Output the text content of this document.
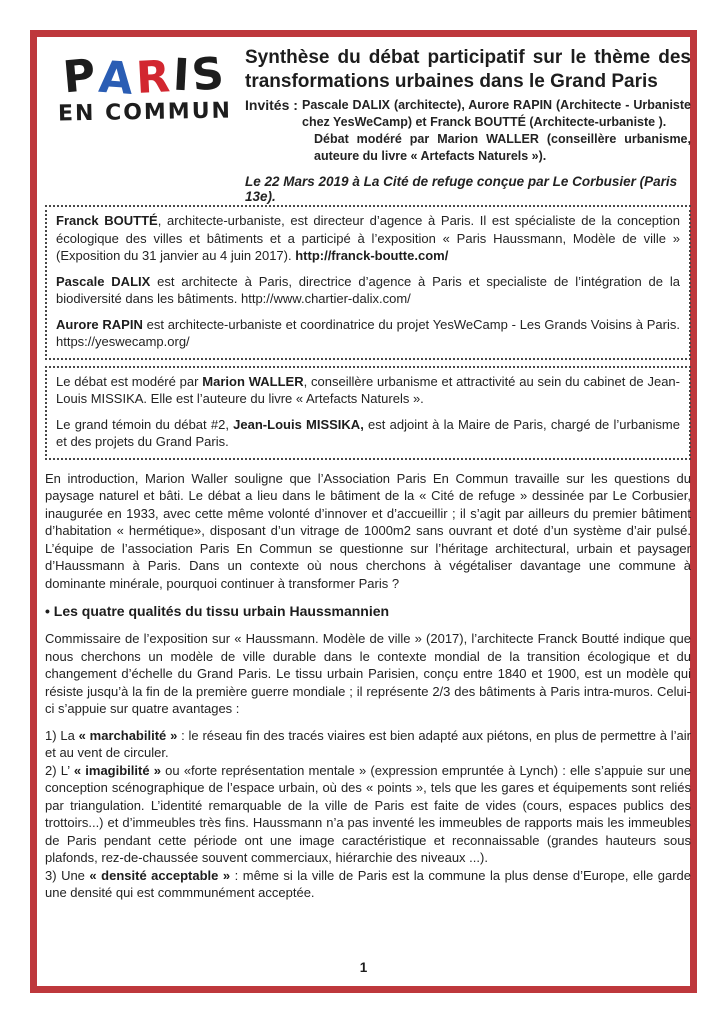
PARIS
EN COMMUN
Synthèse du débat participatif sur le thème des
transformations urbaines dans le Grand Paris
Invités : Pascale DALIX (architecte), Aurore RAPIN (Architecte - Urbaniste chez YesWeCamp) et Franck BOUTTÉ (Architecte-urbaniste ).
Débat modéré par Marion WALLER (conseillère urbanisme, auteure du livre « Artefacts Naturels »).
Le 22 Mars 2019 à La Cité de refuge conçue par Le Corbusier (Paris 13e).

Franck BOUTTÉ, architecte-urbaniste, est directeur d’agence à Paris. Il est spécialiste de la conception écologique des villes et bâtiments et a participé à l’exposition « Paris Haussmann, Modèle de ville » (Exposition du 31 janvier au 4 juin 2017). http://franck-boutte.com/

Pascale DALIX est architecte à Paris, directrice d’agence à Paris et specialiste de l’intégration de la biodiversité dans les bâtiments. http://www.chartier-dalix.com/

Aurore RAPIN est architecte-urbaniste et coordinatrice du projet YesWeCamp - Les Grands Voisins à Paris. https://yeswecamp.org/

Le débat est modéré par Marion WALLER, conseillère urbanisme et attractivité au sein du cabinet de Jean-Louis MISSIKA. Elle est l’auteure du livre « Artefacts Naturels ».

Le grand témoin du débat #2, Jean-Louis MISSIKA, est adjoint à la Maire de Paris, chargé de l’urbanisme et des projets du Grand Paris.

En introduction, Marion Waller souligne que l’Association Paris En Commun travaille sur les questions du paysage naturel et bâti. Le débat a lieu dans le bâtiment de la « Cité de refuge » dessinée par Le Corbusier, inaugurée en 1933, avec cette même volonté d’innover et d’accueillir ; il s’agit par ailleurs du premier bâtiment d’habitation « hermétique», disposant d’un vitrage de 1000m2 sans ouvrant et doté d’un système d’air pulsé. L’équipe de l’association Paris En Commun se questionne sur l’héritage architectural, urbain et paysager d’Haussmann à Paris. Dans un contexte où nous cherchons à végétaliser davantage une commune à dominante minérale, pourquoi continuer à transformer Paris ?

• Les quatre qualités du tissu urbain Haussmannien

Commissaire de l’exposition sur « Haussmann. Modèle de ville » (2017), l’architecte Franck Boutté indique que nous cherchons un modèle de ville durable dans le contexte mondial de la transition écologique et du changement d’échelle du Grand Paris. Le tissu urbain Parisien, conçu entre 1840 et 1900, est un modèle qui résiste jusqu’à la fin de la première guerre mondiale ; il représente 2/3 des bâtiments à Paris intra-muros. Celui-ci s’appuie sur quatre avantages :

1) La « marchabilité » : le réseau fin des tracés viaires est bien adapté aux piétons, en plus de permettre à l’air et au vent de circuler.

2) L’ « imagibilité » ou «forte représentation mentale » (expression empruntée à Lynch) : elle s’appuie sur une conception scénographique de l’espace urbain, où des « points », tels que les gares et équipements sont reliés par triangulation. L’identité remarquable de la ville de Paris est faite de vides (cours, espaces publics des trottoirs...) et d’immeubles très fins. Haussmann n’a pas inventé les immeubles de rapports mais les immeubles de Paris pendant cette période ont une image caractéristique et reconnaissable (grandes hauteurs sous plafonds, rez-de-chaussée souvent commerciaux, hiérarchie des niveaux ...).

3) Une « densité acceptable » : même si la ville de Paris est la commune la plus dense d’Europe, elle garde une densité qui est commmunément acceptée.

1
